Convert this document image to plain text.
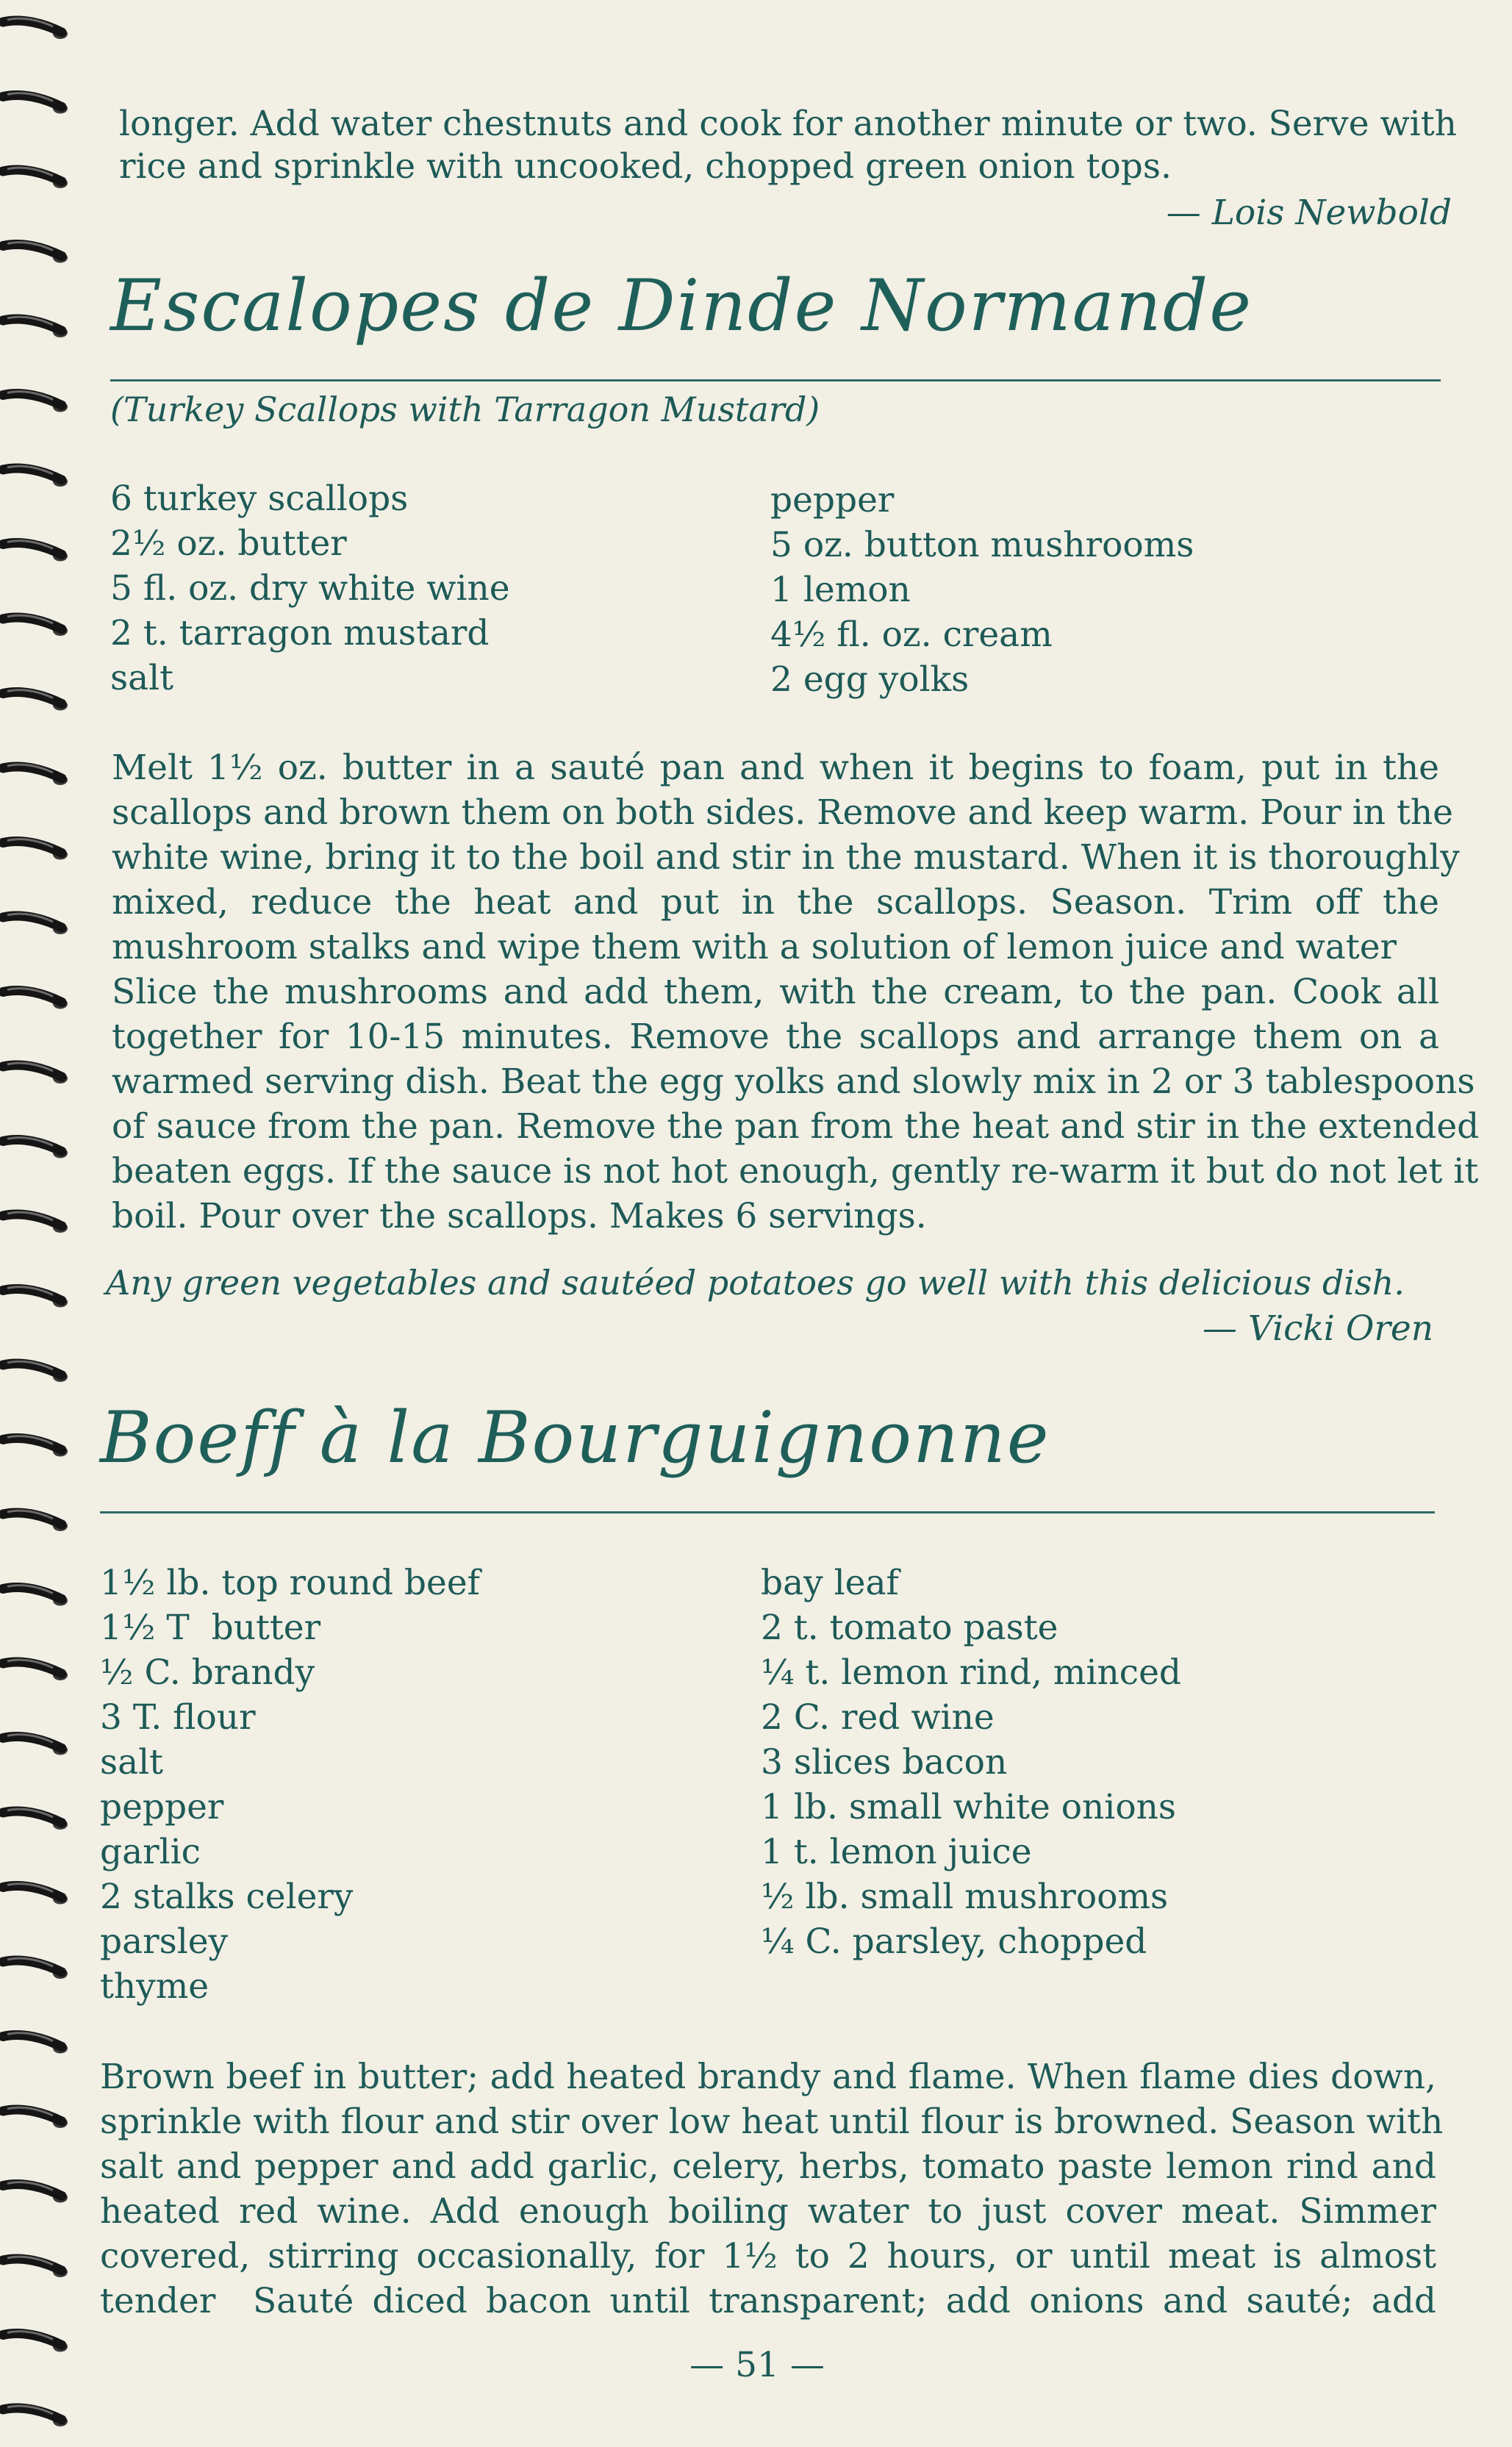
longer. Add water chestnuts and cook for another minute or two. Serve with
rice and sprinkle with uncooked, chopped green onion tops.
— Lois Newbold
Escalopes de Dinde Normande
(Turkey Scallops with Tarragon Mustard)
6 turkey scallops
2½ oz. butter
5 fl. oz. dry white wine
2 t. tarragon mustard
salt
pepper
5 oz. button mushrooms
1 lemon
4½ fl. oz. cream
2 egg yolks
Melt 1½ oz. butter in a sauté pan and when it begins to foam, put in the
scallops and brown them on both sides. Remove and keep warm. Pour in the
white wine, bring it to the boil and stir in the mustard. When it is thoroughly
mixed, reduce the heat and put in the scallops. Season. Trim off the
mushroom stalks and wipe them with a solution of lemon juice and water
Slice the mushrooms and add them, with the cream, to the pan. Cook all
together for 10-15 minutes. Remove the scallops and arrange them on a
warmed serving dish. Beat the egg yolks and slowly mix in 2 or 3 tablespoons
of sauce from the pan. Remove the pan from the heat and stir in the extended
beaten eggs. If the sauce is not hot enough, gently re-warm it but do not let it
boil. Pour over the scallops. Makes 6 servings.
Any green vegetables and sautéed potatoes go well with this delicious dish.
— Vicki Oren
Boeff à la Bourguignonne
1½ lb. top round beef
1½ T  butter
½ C. brandy
3 T. flour
salt
pepper
garlic
2 stalks celery
parsley
thyme
bay leaf
2 t. tomato paste
¼ t. lemon rind, minced
2 C. red wine
3 slices bacon
1 lb. small white onions
1 t. lemon juice
½ lb. small mushrooms
¼ C. parsley, chopped
Brown beef in butter; add heated brandy and flame. When flame dies down,
sprinkle with flour and stir over low heat until flour is browned. Season with
salt and pepper and add garlic, celery, herbs, tomato paste lemon rind and
heated red wine. Add enough boiling water to just cover meat. Simmer
covered, stirring occasionally, for 1½ to 2 hours, or until meat is almost
tender  Sauté diced bacon until transparent; add onions and sauté; add
— 51 —
